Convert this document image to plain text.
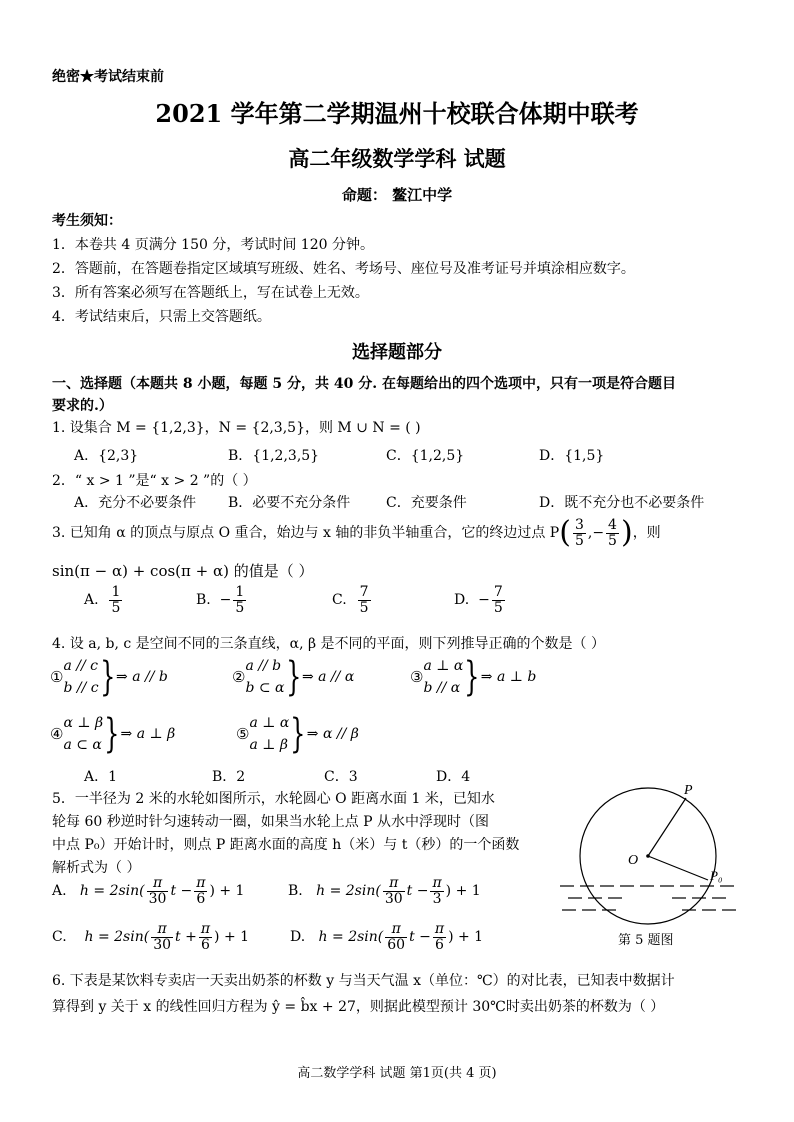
绝密★考试结束前
2021 学年第二学期温州十校联合体期中联考
高二年级数学学科 试题
命题： 鳌江中学
考生须知：
1．本卷共 4 页满分 150 分，考试时间 120 分钟。
2．答题前，在答题卷指定区域填写班级、姓名、考场号、座位号及准考证号并填涂相应数字。
3．所有答案必须写在答题纸上，写在试卷上无效。
4．考试结束后，只需上交答题纸。
选择题部分
一、选择题（本题共 8 小题，每题 5 分，共 40 分. 在每题给出的四个选项中，只有一项是符合题目
要求的.）
1. 设集合 M = {1,2,3}，N = {2,3,5}，则 M ∪ N = ( )
A．{2,3}	B．{1,2,3,5}	C．{1,2,5}	D．{1,5}
2．“ x > 1 ”是“ x > 2 ”的（ ）
A．充分不必要条件 B．必要不充分条件	C．充要条件	D．既不充分也不必要条件
3. 已知角 α 的顶点与原点 O 重合，始边与 x 轴的非负半轴重合，它的终边过点 $P( \frac{3}{5}$ ,− $\frac{4}{5}$ )，则
sin(π − α) + cos(π + α) 的值是（ ）
A. $\frac{1}{5}$	B.  − $\frac{1}{5}$	C. $\frac{7}{5}$	D.  − $\frac{7}{5}$
4. 设 a, b, c 是空间不同的三条直线，α, β 是不同的平面，则下列推导正确的个数是（ ）
①a // c
b // c}⇒ a // b	②a // b
b ⊂ α}⇒ a // α	③a ⊥ α
b // α }⇒ a ⊥ b
④α ⊥ β
a ⊂ α}⇒ a ⊥ β	⑤a ⊥ α
a ⊥ β}⇒ α // β
A．1	B．2	C．3	D．4
5．一半径为 2 米的水轮如图所示，水轮圆心 O 距离水面 1 米，已知水
轮每 60 秒逆时针匀速转动一圈，如果当水轮上点 P 从水中浮现时（图
中点 P₀）开始计时，则点 P 距离水面的高度 h（米）与 t（秒）的一个函数
解析式为（ ）
A. $h = 2\sin( \frac{\pi}{30}$ $t - \frac{\pi}{6}$ ) + 1	B. $h = 2\sin( \frac{\pi}{30}$ $t - \frac{\pi}{3}$ ) + 1
C. $h = 2\sin( \frac{\pi}{30}$ $t + \frac{\pi}{6}$ ) + 1	D. $h = 2\sin( \frac{\pi}{60}$ $t - \frac{\pi}{6}$ ) + 1
P
O
P₀
第 5 题图
6. 下表是某饮料专卖店一天卖出奶茶的杯数 y 与当天气温 x（单位：℃）的对比表，已知表中数据计
算得到 y 关于 x 的线性回归方程为 ŷ = b̂x + 27，则据此模型预计 30℃时卖出奶茶的杯数为（ ）
高二数学学科 试题 第1页(共 4 页)
